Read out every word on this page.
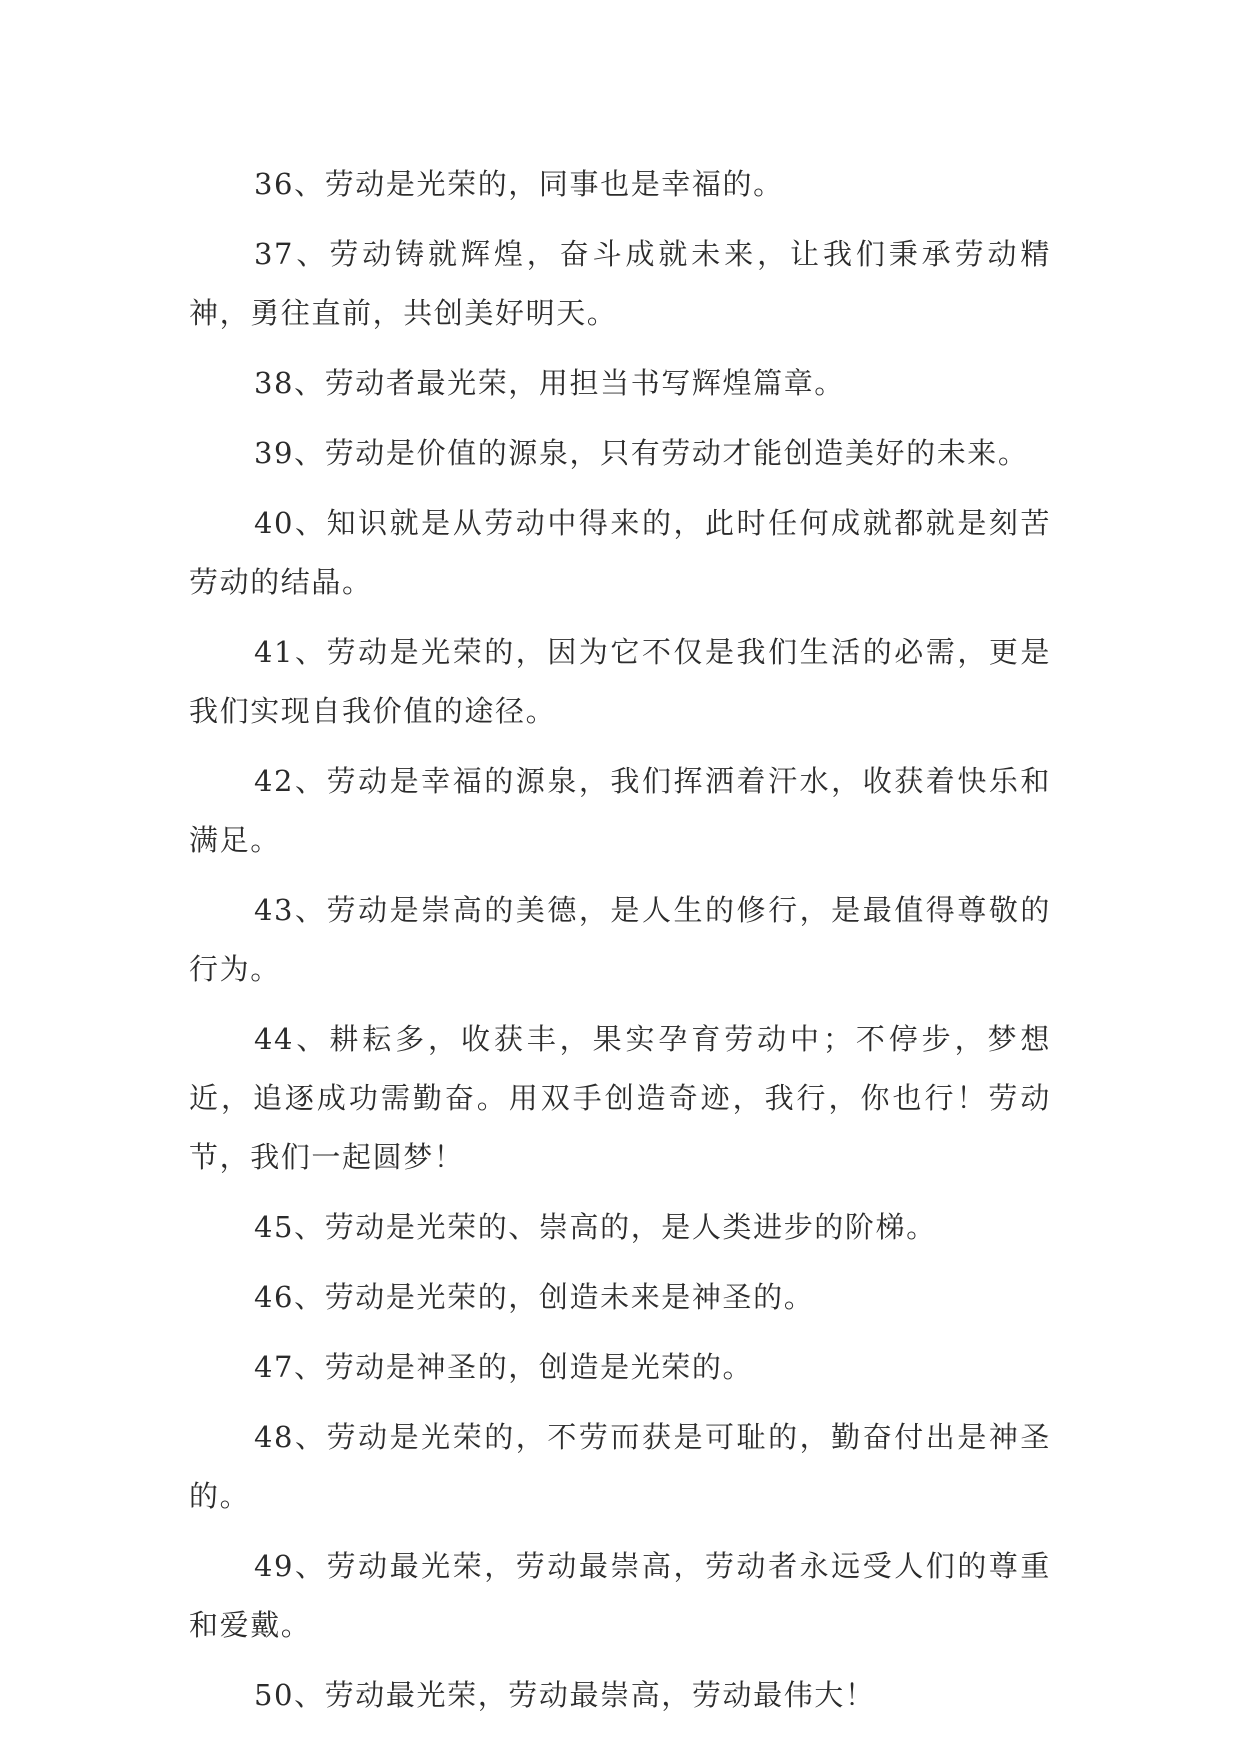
36、劳动是光荣的，同事也是幸福的。

37、劳动铸就辉煌，奋斗成就未来，让我们秉承劳动精神，勇往直前，共创美好明天。

38、劳动者最光荣，用担当书写辉煌篇章。

39、劳动是价值的源泉，只有劳动才能创造美好的未来。

40、知识就是从劳动中得来的，此时任何成就都就是刻苦劳动的结晶。

41、劳动是光荣的，因为它不仅是我们生活的必需，更是我们实现自我价值的途径。

42、劳动是幸福的源泉，我们挥洒着汗水，收获着快乐和满足。

43、劳动是崇高的美德，是人生的修行，是最值得尊敬的行为。

44、耕耘多，收获丰，果实孕育劳动中；不停步，梦想近，追逐成功需勤奋。用双手创造奇迹，我行，你也行！劳动节，我们一起圆梦！

45、劳动是光荣的、崇高的，是人类进步的阶梯。

46、劳动是光荣的，创造未来是神圣的。

47、劳动是神圣的，创造是光荣的。

48、劳动是光荣的，不劳而获是可耻的，勤奋付出是神圣的。

49、劳动最光荣，劳动最崇高，劳动者永远受人们的尊重和爱戴。

50、劳动最光荣，劳动最崇高，劳动最伟大！
